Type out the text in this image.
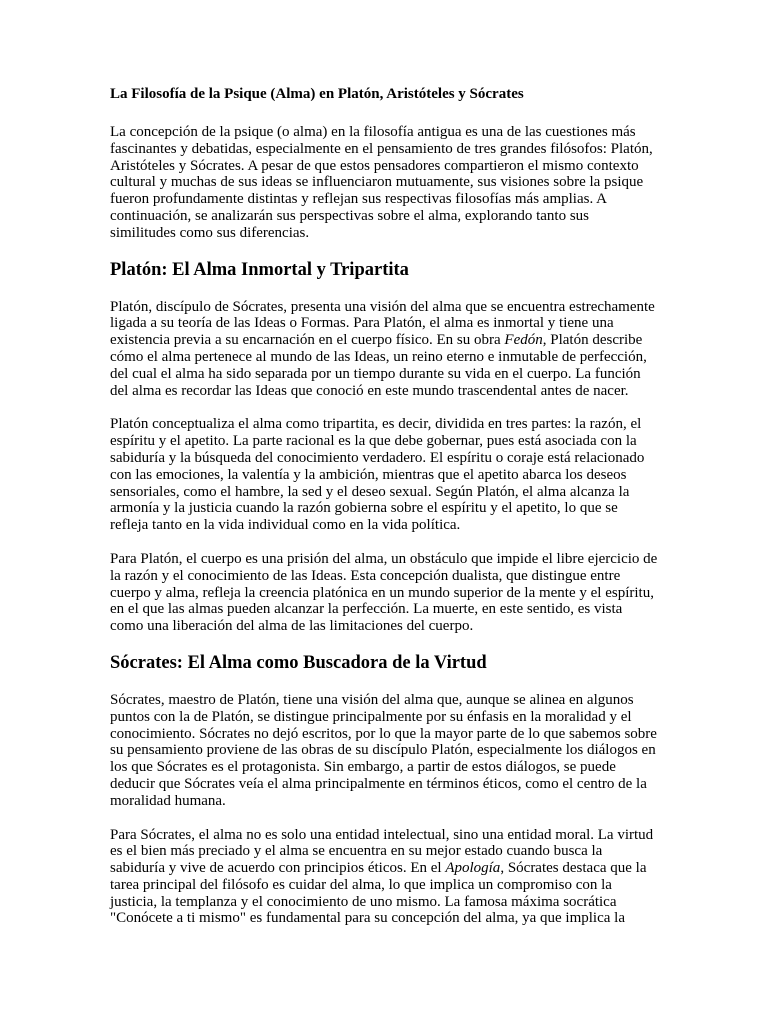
La Filosofía de la Psique (Alma) en Platón, Aristóteles y Sócrates

La concepción de la psique (o alma) en la filosofía antigua es una de las cuestiones más fascinantes y debatidas, especialmente en el pensamiento de tres grandes filósofos: Platón, Aristóteles y Sócrates. A pesar de que estos pensadores compartieron el mismo contexto cultural y muchas de sus ideas se influenciaron mutuamente, sus visiones sobre la psique fueron profundamente distintas y reflejan sus respectivas filosofías más amplias. A continuación, se analizarán sus perspectivas sobre el alma, explorando tanto sus similitudes como sus diferencias.

Platón: El Alma Inmortal y Tripartita

Platón, discípulo de Sócrates, presenta una visión del alma que se encuentra estrechamente ligada a su teoría de las Ideas o Formas. Para Platón, el alma es inmortal y tiene una existencia previa a su encarnación en el cuerpo físico. En su obra Fedón, Platón describe cómo el alma pertenece al mundo de las Ideas, un reino eterno e inmutable de perfección, del cual el alma ha sido separada por un tiempo durante su vida en el cuerpo. La función del alma es recordar las Ideas que conoció en este mundo trascendental antes de nacer.

Platón conceptualiza el alma como tripartita, es decir, dividida en tres partes: la razón, el espíritu y el apetito. La parte racional es la que debe gobernar, pues está asociada con la sabiduría y la búsqueda del conocimiento verdadero. El espíritu o coraje está relacionado con las emociones, la valentía y la ambición, mientras que el apetito abarca los deseos sensoriales, como el hambre, la sed y el deseo sexual. Según Platón, el alma alcanza la armonía y la justicia cuando la razón gobierna sobre el espíritu y el apetito, lo que se refleja tanto en la vida individual como en la vida política.

Para Platón, el cuerpo es una prisión del alma, un obstáculo que impide el libre ejercicio de la razón y el conocimiento de las Ideas. Esta concepción dualista, que distingue entre cuerpo y alma, refleja la creencia platónica en un mundo superior de la mente y el espíritu, en el que las almas pueden alcanzar la perfección. La muerte, en este sentido, es vista como una liberación del alma de las limitaciones del cuerpo.

Sócrates: El Alma como Buscadora de la Virtud

Sócrates, maestro de Platón, tiene una visión del alma que, aunque se alinea en algunos puntos con la de Platón, se distingue principalmente por su énfasis en la moralidad y el conocimiento. Sócrates no dejó escritos, por lo que la mayor parte de lo que sabemos sobre su pensamiento proviene de las obras de su discípulo Platón, especialmente los diálogos en los que Sócrates es el protagonista. Sin embargo, a partir de estos diálogos, se puede deducir que Sócrates veía el alma principalmente en términos éticos, como el centro de la moralidad humana.

Para Sócrates, el alma no es solo una entidad intelectual, sino una entidad moral. La virtud es el bien más preciado y el alma se encuentra en su mejor estado cuando busca la sabiduría y vive de acuerdo con principios éticos. En el Apología, Sócrates destaca que la tarea principal del filósofo es cuidar del alma, lo que implica un compromiso con la justicia, la templanza y el conocimiento de uno mismo. La famosa máxima socrática "Conócete a ti mismo" es fundamental para su concepción del alma, ya que implica la
